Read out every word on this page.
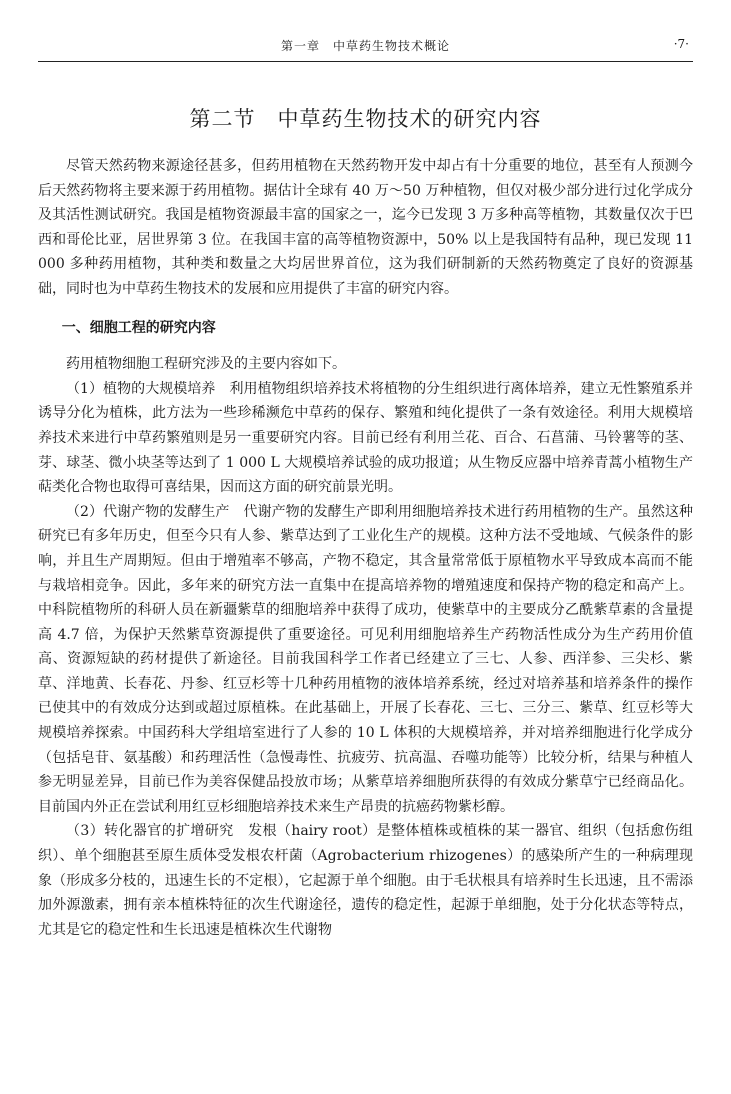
第一章　中草药生物技术概论	·7·
第二节　中草药生物技术的研究内容

尽管天然药物来源途径甚多，但药用植物在天然药物开发中却占有十分重要的地位，甚至有人预测今后天然药物将主要来源于药用植物。据估计全球有 40 万～50 万种植物，但仅对极少部分进行过化学成分及其活性测试研究。我国是植物资源最丰富的国家之一，迄今已发现 3 万多种高等植物，其数量仅次于巴西和哥伦比亚，居世界第 3 位。在我国丰富的高等植物资源中，50% 以上是我国特有品种，现已发现 11 000 多种药用植物，其种类和数量之大均居世界首位，这为我们研制新的天然药物奠定了良好的资源基础，同时也为中草药生物技术的发展和应用提供了丰富的研究内容。

一、细胞工程的研究内容

药用植物细胞工程研究涉及的主要内容如下。

（1）植物的大规模培养　利用植物组织培养技术将植物的分生组织进行离体培养，建立无性繁殖系并诱导分化为植株，此方法为一些珍稀濒危中草药的保存、繁殖和纯化提供了一条有效途径。利用大规模培养技术来进行中草药繁殖则是另一重要研究内容。目前已经有利用兰花、百合、石菖蒲、马铃薯等的茎、芽、球茎、微小块茎等达到了 1 000 L 大规模培养试验的成功报道；从生物反应器中培养青蒿小植物生产萜类化合物也取得可喜结果，因而这方面的研究前景光明。

（2）代谢产物的发酵生产　代谢产物的发酵生产即利用细胞培养技术进行药用植物的生产。虽然这种研究已有多年历史，但至今只有人参、紫草达到了工业化生产的规模。这种方法不受地域、气候条件的影响，并且生产周期短。但由于增殖率不够高，产物不稳定，其含量常常低于原植物水平导致成本高而不能与栽培相竞争。因此，多年来的研究方法一直集中在提高培养物的增殖速度和保持产物的稳定和高产上。中科院植物所的科研人员在新疆紫草的细胞培养中获得了成功，使紫草中的主要成分乙酰紫草素的含量提高 4.7 倍，为保护天然紫草资源提供了重要途径。可见利用细胞培养生产药物活性成分为生产药用价值高、资源短缺的药材提供了新途径。目前我国科学工作者已经建立了三七、人参、西洋参、三尖杉、紫草、洋地黄、长春花、丹参、红豆杉等十几种药用植物的液体培养系统，经过对培养基和培养条件的操作已使其中的有效成分达到或超过原植株。在此基础上，开展了长春花、三七、三分三、紫草、红豆杉等大规模培养探索。中国药科大学组培室进行了人参的 10 L 体积的大规模培养，并对培养细胞进行化学成分（包括皂苷、氨基酸）和药理活性（急慢毒性、抗疲劳、抗高温、吞噬功能等）比较分析，结果与种植人参无明显差异，目前已作为美容保健品投放市场；从紫草培养细胞所获得的有效成分紫草宁已经商品化。目前国内外正在尝试利用红豆杉细胞培养技术来生产昂贵的抗癌药物紫杉醇。

（3）转化器官的扩增研究　发根（hairy root）是整体植株或植株的某一器官、组织（包括愈伤组织）、单个细胞甚至原生质体受发根农杆菌（Agrobacterium rhizogenes）的感染所产生的一种病理现象（形成多分枝的，迅速生长的不定根），它起源于单个细胞。由于毛状根具有培养时生长迅速，且不需添加外源激素，拥有亲本植株特征的次生代谢途径，遗传的稳定性，起源于单细胞，处于分化状态等特点，尤其是它的稳定性和生长迅速是植株次生代谢物
